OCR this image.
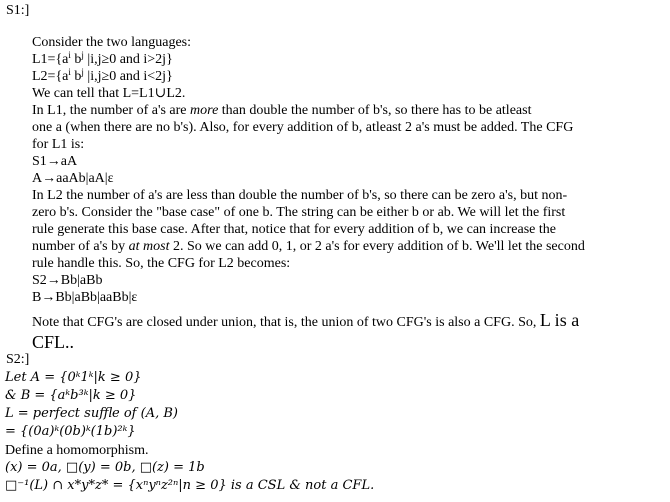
S1:]
Consider the two languages:
$L1=\{a^i$ $b^j$ |i,j≥0 and i>2j}
$L2=\{a^i$ $b^j$ |i,j≥0 and i<2j}
We can tell that L=L1∪L2.
In L1, the number of a's are more than double the number of b's, so there has to be atleast
one a (when there are no b's). Also, for every addition of b, atleast 2 a's must be added. The CFG
for L1 is:
S1→aA
A→aaAb|aA|ε
In L2 the number of a's are less than double the number of b's, so there can be zero a's, but non-
zero b's. Consider the "base case" of one b. The string can be either b or ab. We will let the first
rule generate this base case. After that, notice that for every addition of b, we can increase the
number of a's by at most 2. So we can add 0, 1, or 2 a's for every addition of b. We'll let the second
rule handle this. So, the CFG for L2 becomes:
S2→Bb|aBb
B→Bb|aBb|aaBb|ε
Note that CFG's are closed under union, that is, the union of two CFG's is also a CFG. So, L is a
CFL..
S2:]
Let A = {0ᵏ1ᵏ|k ≥ 0}
& B = {aᵏb³ᵏ|k ≥ 0}
L = perfect suffle of (A, B)
= {(0a)ᵏ(0b)ᵏ(1b)²ᵏ}
Define a homomorphism.
(x) = 0a, □(y) = 0b, □(z) = 1b
□⁻¹(L) ∩ x*y*z* = {xⁿyⁿz²ⁿ|n ≥ 0} is a CSL & not a CFL.
